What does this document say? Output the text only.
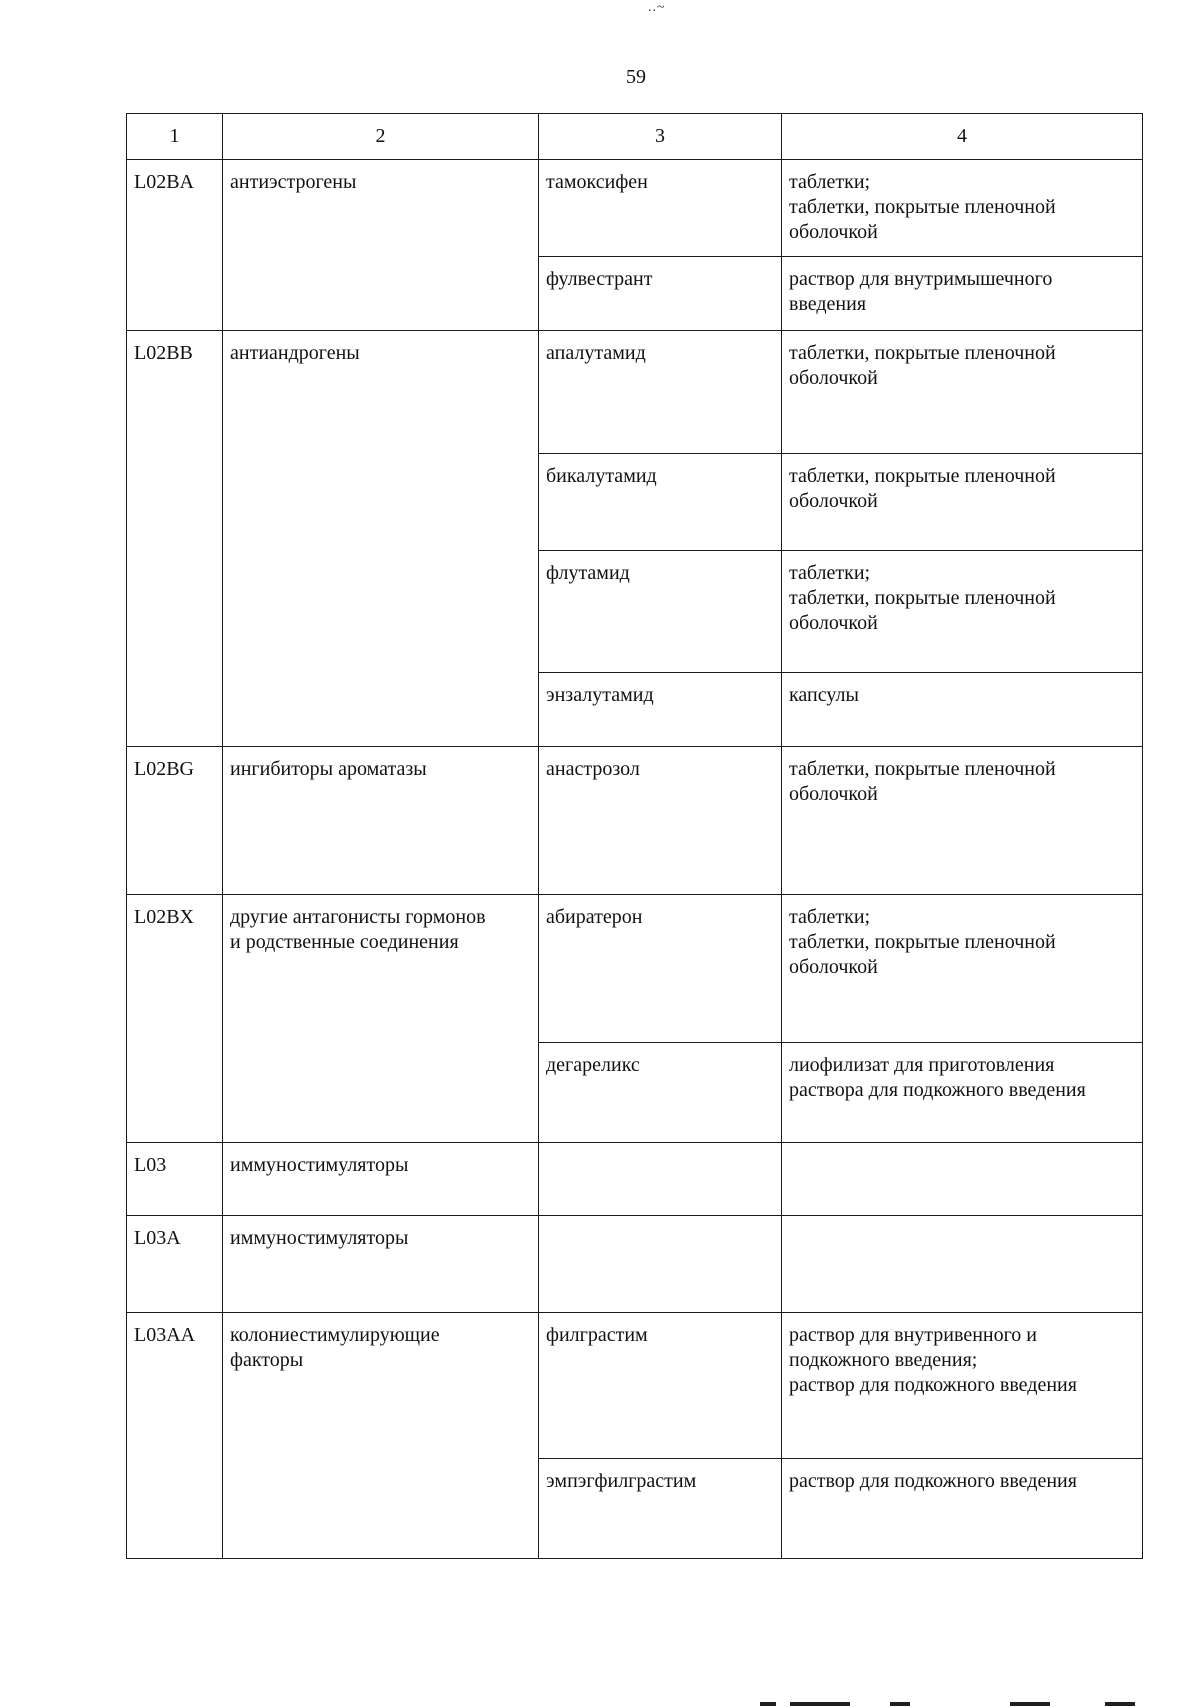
..~
59
1	2	3	4
L02BA	антиэстрогены	тамоксифен	таблетки;
таблетки, покрытые пленочной
оболочкой
		фулвестрант	раствор для внутримышечного
введения
L02BB	антиандрогены	апалутамид	таблетки, покрытые пленочной
оболочкой
		бикалутамид	таблетки, покрытые пленочной
оболочкой
		флутамид	таблетки;
таблетки, покрытые пленочной
оболочкой
		энзалутамид	капсулы
L02BG	ингибиторы ароматазы	анастрозол	таблетки, покрытые пленочной
оболочкой
L02BX	другие антагонисты гормонов
и родственные соединения	абиратерон	таблетки;
таблетки, покрытые пленочной
оболочкой
		дегареликс	лиофилизат для приготовления
раствора для подкожного введения
L03	иммуностимуляторы		
L03A	иммуностимуляторы		
L03AA	колониестимулирующие
факторы	филграстим	раствор для внутривенного и
подкожного введения;
раствор для подкожного введения
		эмпэгфилграстим	раствор для подкожного введения
